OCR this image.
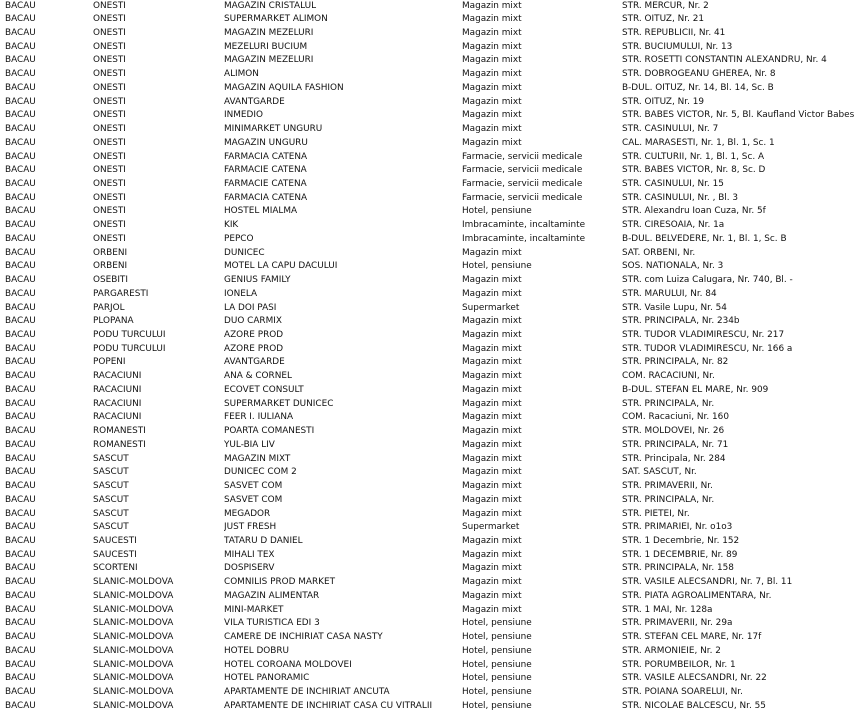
BACAU	ONESTI	MAGAZIN CRISTALUL	Magazin mixt	STR. MERCUR, Nr. 2
BACAU	ONESTI	SUPERMARKET ALIMON	Magazin mixt	STR. OITUZ, Nr. 21
BACAU	ONESTI	MAGAZIN MEZELURI	Magazin mixt	STR. REPUBLICII, Nr. 41
BACAU	ONESTI	MEZELURI BUCIUM	Magazin mixt	STR. BUCIUMULUI, Nr. 13
BACAU	ONESTI	MAGAZIN MEZELURI	Magazin mixt	STR. ROSETTI CONSTANTIN ALEXANDRU, Nr. 4
BACAU	ONESTI	ALIMON	Magazin mixt	STR. DOBROGEANU GHEREA, Nr. 8
BACAU	ONESTI	MAGAZIN AQUILA FASHION	Magazin mixt	B-DUL. OITUZ, Nr. 14, Bl. 14, Sc. B
BACAU	ONESTI	AVANTGARDE	Magazin mixt	STR. OITUZ, Nr. 19
BACAU	ONESTI	INMEDIO	Magazin mixt	STR. BABES VICTOR, Nr. 5, Bl. Kaufland Victor Babes
BACAU	ONESTI	MINIMARKET UNGURU	Magazin mixt	STR. CASINULUI, Nr. 7
BACAU	ONESTI	MAGAZIN UNGURU	Magazin mixt	CAL. MARASESTI, Nr. 1, Bl. 1, Sc. 1
BACAU	ONESTI	FARMACIA CATENA	Farmacie, servicii medicale	STR. CULTURII, Nr. 1, Bl. 1, Sc. A
BACAU	ONESTI	FARMACIE CATENA	Farmacie, servicii medicale	STR. BABES VICTOR, Nr. 8, Sc. D
BACAU	ONESTI	FARMACIE CATENA	Farmacie, servicii medicale	STR. CASINULUI, Nr. 15
BACAU	ONESTI	FARMACIA CATENA	Farmacie, servicii medicale	STR. CASINULUI, Nr. , Bl. 3
BACAU	ONESTI	HOSTEL MIALMA	Hotel, pensiune	STR. Alexandru Ioan Cuza, Nr. 5f
BACAU	ONESTI	KIK	Imbracaminte, incaltaminte	STR. CIRESOAIA, Nr. 1a
BACAU	ONESTI	PEPCO	Imbracaminte, incaltaminte	B-DUL. BELVEDERE, Nr. 1, Bl. 1, Sc. B
BACAU	ORBENI	DUNICEC	Magazin mixt	SAT. ORBENI, Nr.
BACAU	ORBENI	MOTEL LA CAPU DACULUI	Hotel, pensiune	SOS. NATIONALA, Nr. 3
BACAU	OSEBITI	GENIUS FAMILY	Magazin mixt	STR. com Luiza Calugara, Nr. 740, Bl. -
BACAU	PARGARESTI	IONELA	Magazin mixt	STR. MARULUI, Nr. 84
BACAU	PARJOL	LA DOI PASI	Supermarket	STR. Vasile Lupu, Nr. 54
BACAU	PLOPANA	DUO CARMIX	Magazin mixt	STR. PRINCIPALA, Nr. 234b
BACAU	PODU TURCULUI	AZORE PROD	Magazin mixt	STR. TUDOR VLADIMIRESCU, Nr. 217
BACAU	PODU TURCULUI	AZORE PROD	Magazin mixt	STR. TUDOR VLADIMIRESCU, Nr. 166 a
BACAU	POPENI	AVANTGARDE	Magazin mixt	STR. PRINCIPALA, Nr. 82
BACAU	RACACIUNI	ANA & CORNEL	Magazin mixt	COM. RACACIUNI, Nr.
BACAU	RACACIUNI	ECOVET CONSULT	Magazin mixt	B-DUL. STEFAN EL MARE, Nr. 909
BACAU	RACACIUNI	SUPERMARKET DUNICEC	Magazin mixt	STR. PRINCIPALA, Nr.
BACAU	RACACIUNI	FEER I. IULIANA	Magazin mixt	COM. Racaciuni, Nr. 160
BACAU	ROMANESTI	POARTA COMANESTI	Magazin mixt	STR. MOLDOVEI, Nr. 26
BACAU	ROMANESTI	YUL-BIA LIV	Magazin mixt	STR. PRINCIPALA, Nr. 71
BACAU	SASCUT	MAGAZIN MIXT	Magazin mixt	STR. Principala, Nr. 284
BACAU	SASCUT	DUNICEC COM 2	Magazin mixt	SAT. SASCUT, Nr.
BACAU	SASCUT	SASVET COM	Magazin mixt	STR. PRIMAVERII, Nr.
BACAU	SASCUT	SASVET COM	Magazin mixt	STR. PRINCIPALA, Nr.
BACAU	SASCUT	MEGADOR	Magazin mixt	STR. PIETEI, Nr.
BACAU	SASCUT	JUST FRESH	Supermarket	STR. PRIMARIEI, Nr. o1o3
BACAU	SAUCESTI	TATARU D DANIEL	Magazin mixt	STR. 1 Decembrie, Nr. 152
BACAU	SAUCESTI	MIHALI TEX	Magazin mixt	STR. 1 DECEMBRIE, Nr. 89
BACAU	SCORTENI	DOSPISERV	Magazin mixt	STR. PRINCIPALA, Nr. 158
BACAU	SLANIC-MOLDOVA	COMNILIS PROD MARKET	Magazin mixt	STR. VASILE ALECSANDRI, Nr. 7, Bl. 11
BACAU	SLANIC-MOLDOVA	MAGAZIN ALIMENTAR	Magazin mixt	STR. PIATA AGROALIMENTARA, Nr.
BACAU	SLANIC-MOLDOVA	MINI-MARKET	Magazin mixt	STR. 1 MAI, Nr. 128a
BACAU	SLANIC-MOLDOVA	VILA TURISTICA EDI 3	Hotel, pensiune	STR. PRIMAVERII, Nr. 29a
BACAU	SLANIC-MOLDOVA	CAMERE DE INCHIRIAT CASA NASTY	Hotel, pensiune	STR. STEFAN CEL MARE, Nr. 17f
BACAU	SLANIC-MOLDOVA	HOTEL DOBRU	Hotel, pensiune	STR. ARMONIEIE, Nr. 2
BACAU	SLANIC-MOLDOVA	HOTEL COROANA MOLDOVEI	Hotel, pensiune	STR. PORUMBEILOR, Nr. 1
BACAU	SLANIC-MOLDOVA	HOTEL PANORAMIC	Hotel, pensiune	STR. VASILE ALECSANDRI, Nr. 22
BACAU	SLANIC-MOLDOVA	APARTAMENTE DE INCHIRIAT ANCUTA	Hotel, pensiune	STR. POIANA SOARELUI, Nr.
BACAU	SLANIC-MOLDOVA	APARTAMENTE DE INCHIRIAT CASA CU VITRALII	Hotel, pensiune	STR. NICOLAE BALCESCU, Nr. 55
